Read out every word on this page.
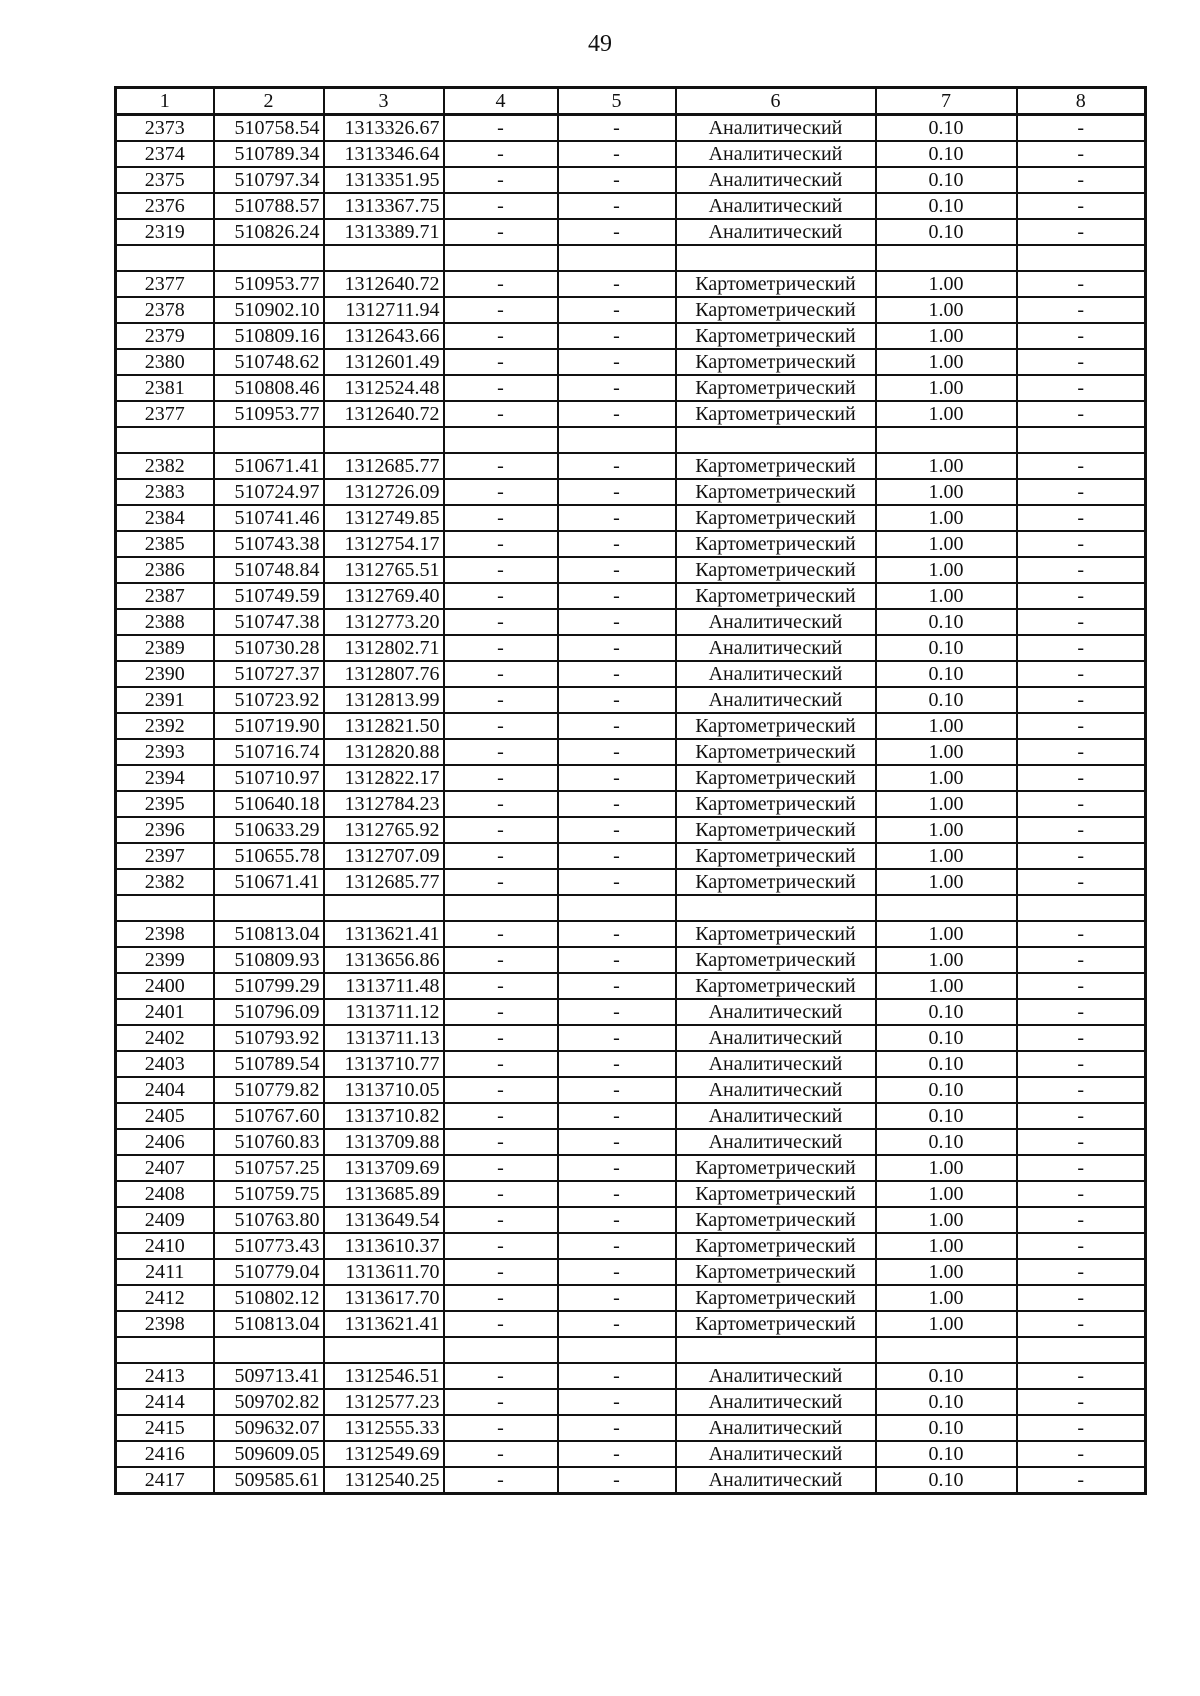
49
1	2	3	4	5	6	7	8
2373	510758.54	1313326.67	-	-	Аналитический	0.10	-
2374	510789.34	1313346.64	-	-	Аналитический	0.10	-
2375	510797.34	1313351.95	-	-	Аналитический	0.10	-
2376	510788.57	1313367.75	-	-	Аналитический	0.10	-
2319	510826.24	1313389.71	-	-	Аналитический	0.10	-

2377	510953.77	1312640.72	-	-	Картометрический	1.00	-
2378	510902.10	1312711.94	-	-	Картометрический	1.00	-
2379	510809.16	1312643.66	-	-	Картометрический	1.00	-
2380	510748.62	1312601.49	-	-	Картометрический	1.00	-
2381	510808.46	1312524.48	-	-	Картометрический	1.00	-
2377	510953.77	1312640.72	-	-	Картометрический	1.00	-

2382	510671.41	1312685.77	-	-	Картометрический	1.00	-
2383	510724.97	1312726.09	-	-	Картометрический	1.00	-
2384	510741.46	1312749.85	-	-	Картометрический	1.00	-
2385	510743.38	1312754.17	-	-	Картометрический	1.00	-
2386	510748.84	1312765.51	-	-	Картометрический	1.00	-
2387	510749.59	1312769.40	-	-	Картометрический	1.00	-
2388	510747.38	1312773.20	-	-	Аналитический	0.10	-
2389	510730.28	1312802.71	-	-	Аналитический	0.10	-
2390	510727.37	1312807.76	-	-	Аналитический	0.10	-
2391	510723.92	1312813.99	-	-	Аналитический	0.10	-
2392	510719.90	1312821.50	-	-	Картометрический	1.00	-
2393	510716.74	1312820.88	-	-	Картометрический	1.00	-
2394	510710.97	1312822.17	-	-	Картометрический	1.00	-
2395	510640.18	1312784.23	-	-	Картометрический	1.00	-
2396	510633.29	1312765.92	-	-	Картометрический	1.00	-
2397	510655.78	1312707.09	-	-	Картометрический	1.00	-
2382	510671.41	1312685.77	-	-	Картометрический	1.00	-

2398	510813.04	1313621.41	-	-	Картометрический	1.00	-
2399	510809.93	1313656.86	-	-	Картометрический	1.00	-
2400	510799.29	1313711.48	-	-	Картометрический	1.00	-
2401	510796.09	1313711.12	-	-	Аналитический	0.10	-
2402	510793.92	1313711.13	-	-	Аналитический	0.10	-
2403	510789.54	1313710.77	-	-	Аналитический	0.10	-
2404	510779.82	1313710.05	-	-	Аналитический	0.10	-
2405	510767.60	1313710.82	-	-	Аналитический	0.10	-
2406	510760.83	1313709.88	-	-	Аналитический	0.10	-
2407	510757.25	1313709.69	-	-	Картометрический	1.00	-
2408	510759.75	1313685.89	-	-	Картометрический	1.00	-
2409	510763.80	1313649.54	-	-	Картометрический	1.00	-
2410	510773.43	1313610.37	-	-	Картометрический	1.00	-
2411	510779.04	1313611.70	-	-	Картометрический	1.00	-
2412	510802.12	1313617.70	-	-	Картометрический	1.00	-
2398	510813.04	1313621.41	-	-	Картометрический	1.00	-

2413	509713.41	1312546.51	-	-	Аналитический	0.10	-
2414	509702.82	1312577.23	-	-	Аналитический	0.10	-
2415	509632.07	1312555.33	-	-	Аналитический	0.10	-
2416	509609.05	1312549.69	-	-	Аналитический	0.10	-
2417	509585.61	1312540.25	-	-	Аналитический	0.10	-
